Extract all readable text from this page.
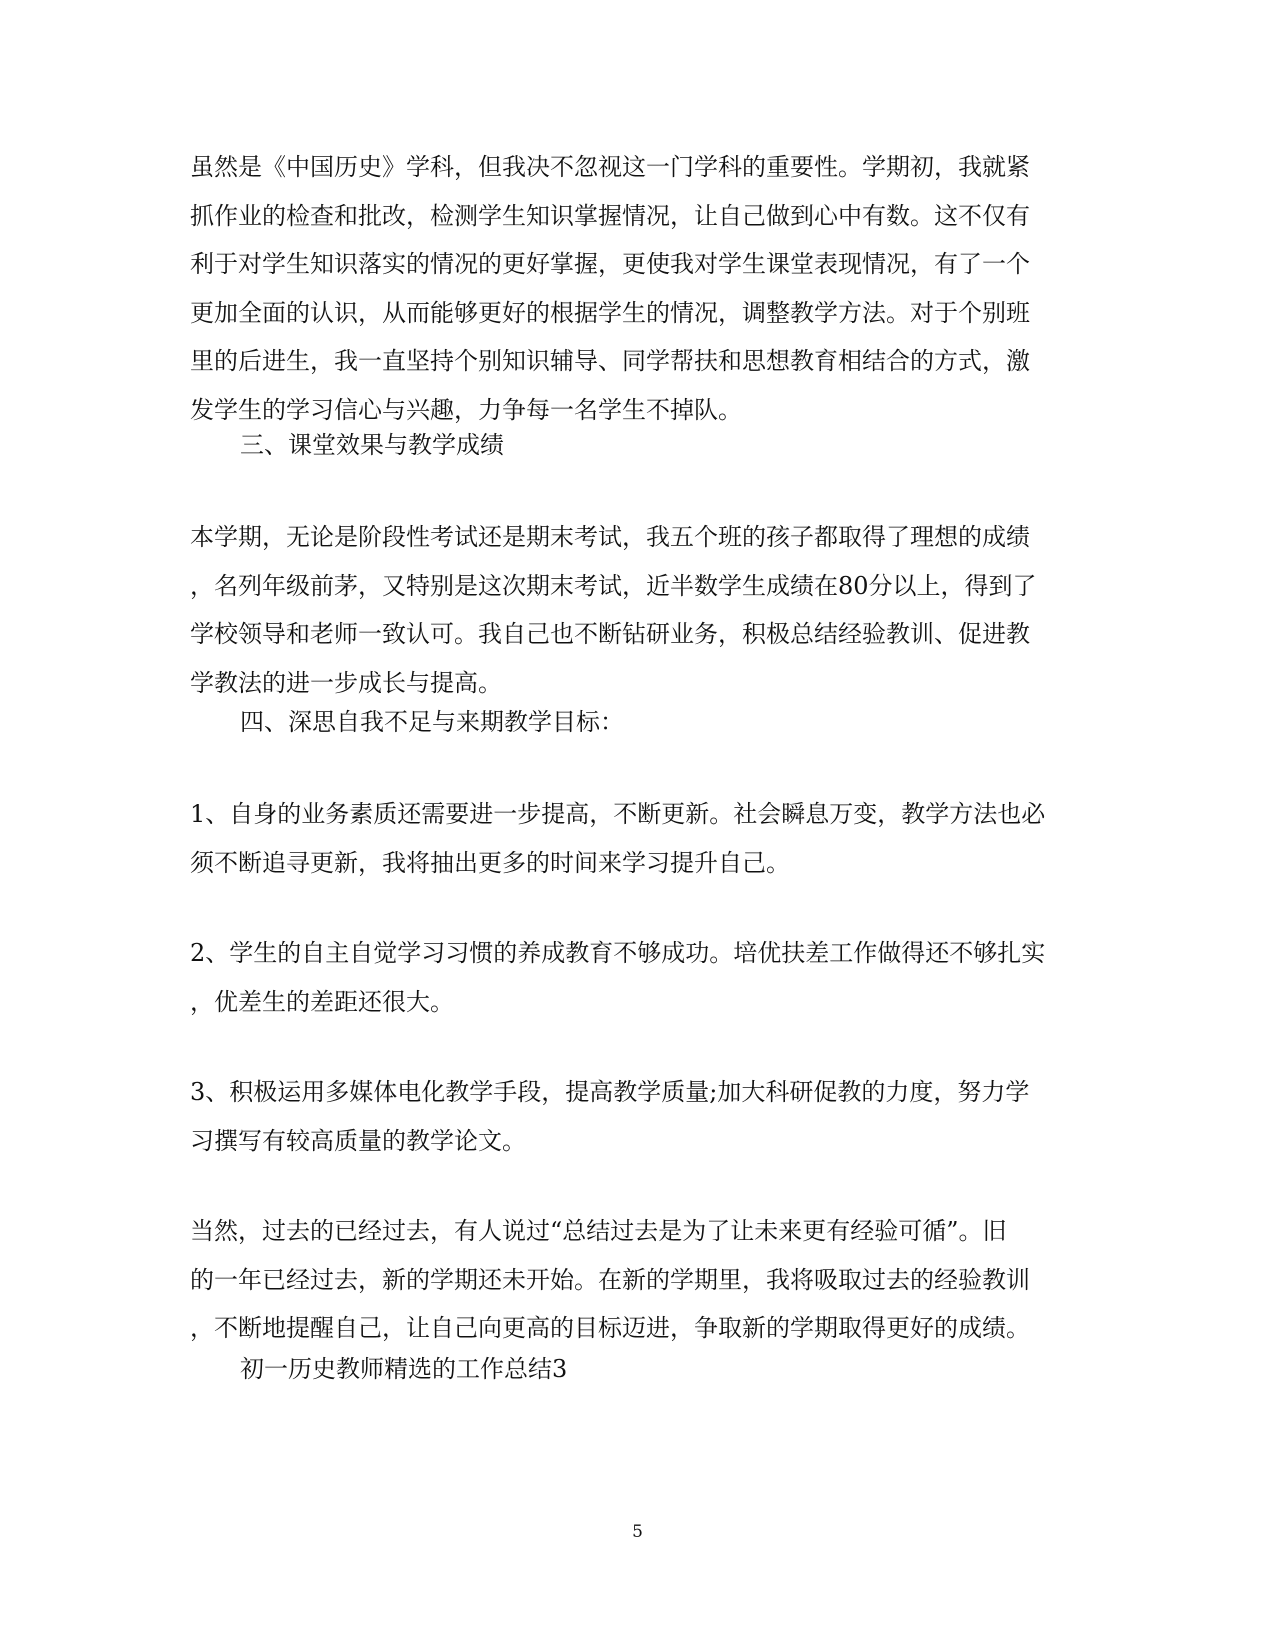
虽然是《中国历史》学科，但我决不忽视这一门学科的重要性。学期初，我就紧
抓作业的检查和批改，检测学生知识掌握情况，让自己做到心中有数。这不仅有
利于对学生知识落实的情况的更好掌握，更使我对学生课堂表现情况，有了一个
更加全面的认识，从而能够更好的根据学生的情况，调整教学方法。对于个别班
里的后进生，我一直坚持个别知识辅导、同学帮扶和思想教育相结合的方式，激
发学生的学习信心与兴趣，力争每一名学生不掉队。
三、课堂效果与教学成绩
本学期，无论是阶段性考试还是期末考试，我五个班的孩子都取得了理想的成绩
，名列年级前茅，又特别是这次期末考试，近半数学生成绩在80分以上，得到了
学校领导和老师一致认可。我自己也不断钻研业务，积极总结经验教训、促进教
学教法的进一步成长与提高。
四、深思自我不足与来期教学目标：
1、自身的业务素质还需要进一步提高，不断更新。社会瞬息万变，教学方法也必
须不断追寻更新，我将抽出更多的时间来学习提升自己。
2、学生的自主自觉学习习惯的养成教育不够成功。培优扶差工作做得还不够扎实
，优差生的差距还很大。
3、积极运用多媒体电化教学手段，提高教学质量;加大科研促教的力度，努力学
习撰写有较高质量的教学论文。
当然，过去的已经过去，有人说过“总结过去是为了让未来更有经验可循”。旧
的一年已经过去，新的学期还未开始。在新的学期里，我将吸取过去的经验教训
，不断地提醒自己，让自己向更高的目标迈进，争取新的学期取得更好的成绩。
初一历史教师精选的工作总结3
5
